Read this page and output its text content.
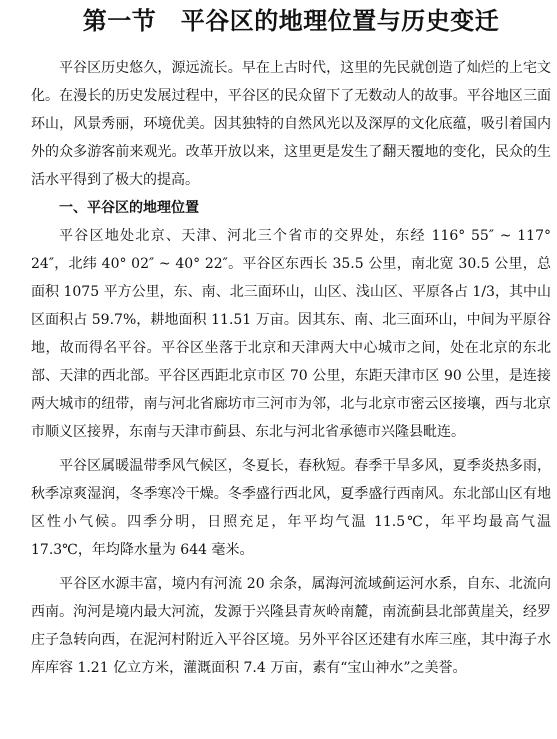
第一节　平谷区的地理位置与历史变迁

平谷区历史悠久，源远流长。早在上古时代，这里的先民就创造了灿烂的上宅文化。在漫长的历史发展过程中，平谷区的民众留下了无数动人的故事。平谷地区三面环山，风景秀丽，环境优美。因其独特的自然风光以及深厚的文化底蕴，吸引着国内外的众多游客前来观光。改革开放以来，这里更是发生了翻天覆地的变化，民众的生活水平得到了极大的提高。

一、平谷区的地理位置

平谷区地处北京、天津、河北三个省市的交界处，东经 116° 55″ ~ 117° 24″，北纬 40° 02″ ~ 40° 22″。平谷区东西长 35.5 公里，南北宽 30.5 公里，总面积 1075 平方公里，东、南、北三面环山，山区、浅山区、平原各占 1/3，其中山区面积占 59.7%，耕地面积 11.51 万亩。因其东、南、北三面环山，中间为平原谷地，故而得名平谷。平谷区坐落于北京和天津两大中心城市之间，处在北京的东北部、天津的西北部。平谷区西距北京市区 70 公里，东距天津市区 90 公里，是连接两大城市的纽带，南与河北省廊坊市三河市为邻，北与北京市密云区接壤，西与北京市顺义区接界，东南与天津市蓟县、东北与河北省承德市兴隆县毗连。

平谷区属暖温带季风气候区，冬夏长，春秋短。春季干旱多风，夏季炎热多雨，秋季凉爽湿润，冬季寒冷干燥。冬季盛行西北风，夏季盛行西南风。东北部山区有地区性小气候。四季分明，日照充足，年平均气温 11.5℃，年平均最高气温 17.3℃，年均降水量为 644 毫米。

平谷区水源丰富，境内有河流 20 余条，属海河流域蓟运河水系，自东、北流向西南。泃河是境内最大河流，发源于兴隆县青灰岭南麓，南流蓟县北部黄崖关，经罗庄子急转向西，在泥河村附近入平谷区境。另外平谷区还建有水库三座，其中海子水库库容 1.21 亿立方米，灌溉面积 7.4 万亩，素有“宝山神水”之美誉。
